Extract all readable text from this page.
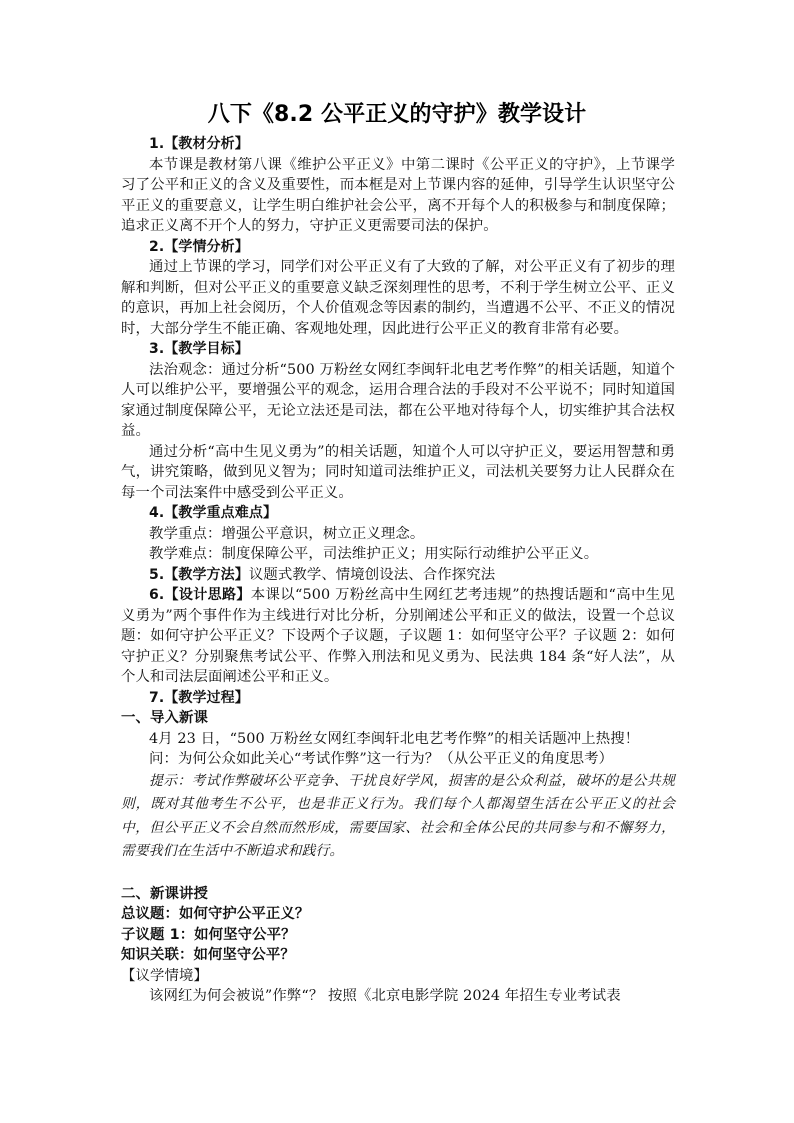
八下《8.2 公平正义的守护》教学设计

1.【教材分析】

本节课是教材第八课《维护公平正义》中第二课时《公平正义的守护》，上节课学习了公平和正义的含义及重要性，而本框是对上节课内容的延伸，引导学生认识坚守公平正义的重要意义，让学生明白维护社会公平，离不开每个人的积极参与和制度保障；追求正义离不开个人的努力，守护正义更需要司法的保护。

2.【学情分析】

通过上节课的学习，同学们对公平正义有了大致的了解，对公平正义有了初步的理解和判断，但对公平正义的重要意义缺乏深刻理性的思考，不利于学生树立公平、正义的意识，再加上社会阅历，个人价值观念等因素的制约，当遭遇不公平、不正义的情况时，大部分学生不能正确、客观地处理，因此进行公平正义的教育非常有必要。

3.【教学目标】

法治观念：通过分析“500 万粉丝女网红李闽轩北电艺考作弊”的相关话题，知道个人可以维护公平，要增强公平的观念，运用合理合法的手段对不公平说不；同时知道国家通过制度保障公平，无论立法还是司法，都在公平地对待每个人，切实维护其合法权益。

通过分析“高中生见义勇为”的相关话题，知道个人可以守护正义，要运用智慧和勇气，讲究策略，做到见义智为；同时知道司法维护正义，司法机关要努力让人民群众在每一个司法案件中感受到公平正义。

4.【教学重点难点】

教学重点：增强公平意识，树立正义理念。

教学难点：制度保障公平，司法维护正义；用实际行动维护公平正义。

5.【教学方法】议题式教学、情境创设法、合作探究法

6.【设计思路】本课以“500 万粉丝高中生网红艺考违规”的热搜话题和“高中生见义勇为”两个事件作为主线进行对比分析，分别阐述公平和正义的做法，设置一个总议题：如何守护公平正义？下设两个子议题，子议题 1：如何坚守公平？子议题 2：如何守护正义？分别聚焦考试公平、作弊入刑法和见义勇为、民法典 184 条“好人法”，从个人和司法层面阐述公平和正义。

7.【教学过程】

一、导入新课

4月 23 日，“500 万粉丝女网红李闽轩北电艺考作弊”的相关话题冲上热搜！

问：为何公众如此关心“考试作弊”这一行为？（从公平正义的角度思考）

提示：考试作弊破坏公平竞争、干扰良好学风，损害的是公众利益，破坏的是公共规则，既对其他考生不公平，也是非正义行为。我们每个人都渴望生活在公平正义的社会中，但公平正义不会自然而然形成，需要国家、社会和全体公民的共同参与和不懈努力，需要我们在生活中不断追求和践行。

二、新课讲授

总议题：如何守护公平正义？

子议题 1：如何坚守公平？

知识关联：如何坚守公平？

【议学情境】

该网红为何会被说”作弊“？ 按照《北京电影学院 2024 年招生专业考试表
